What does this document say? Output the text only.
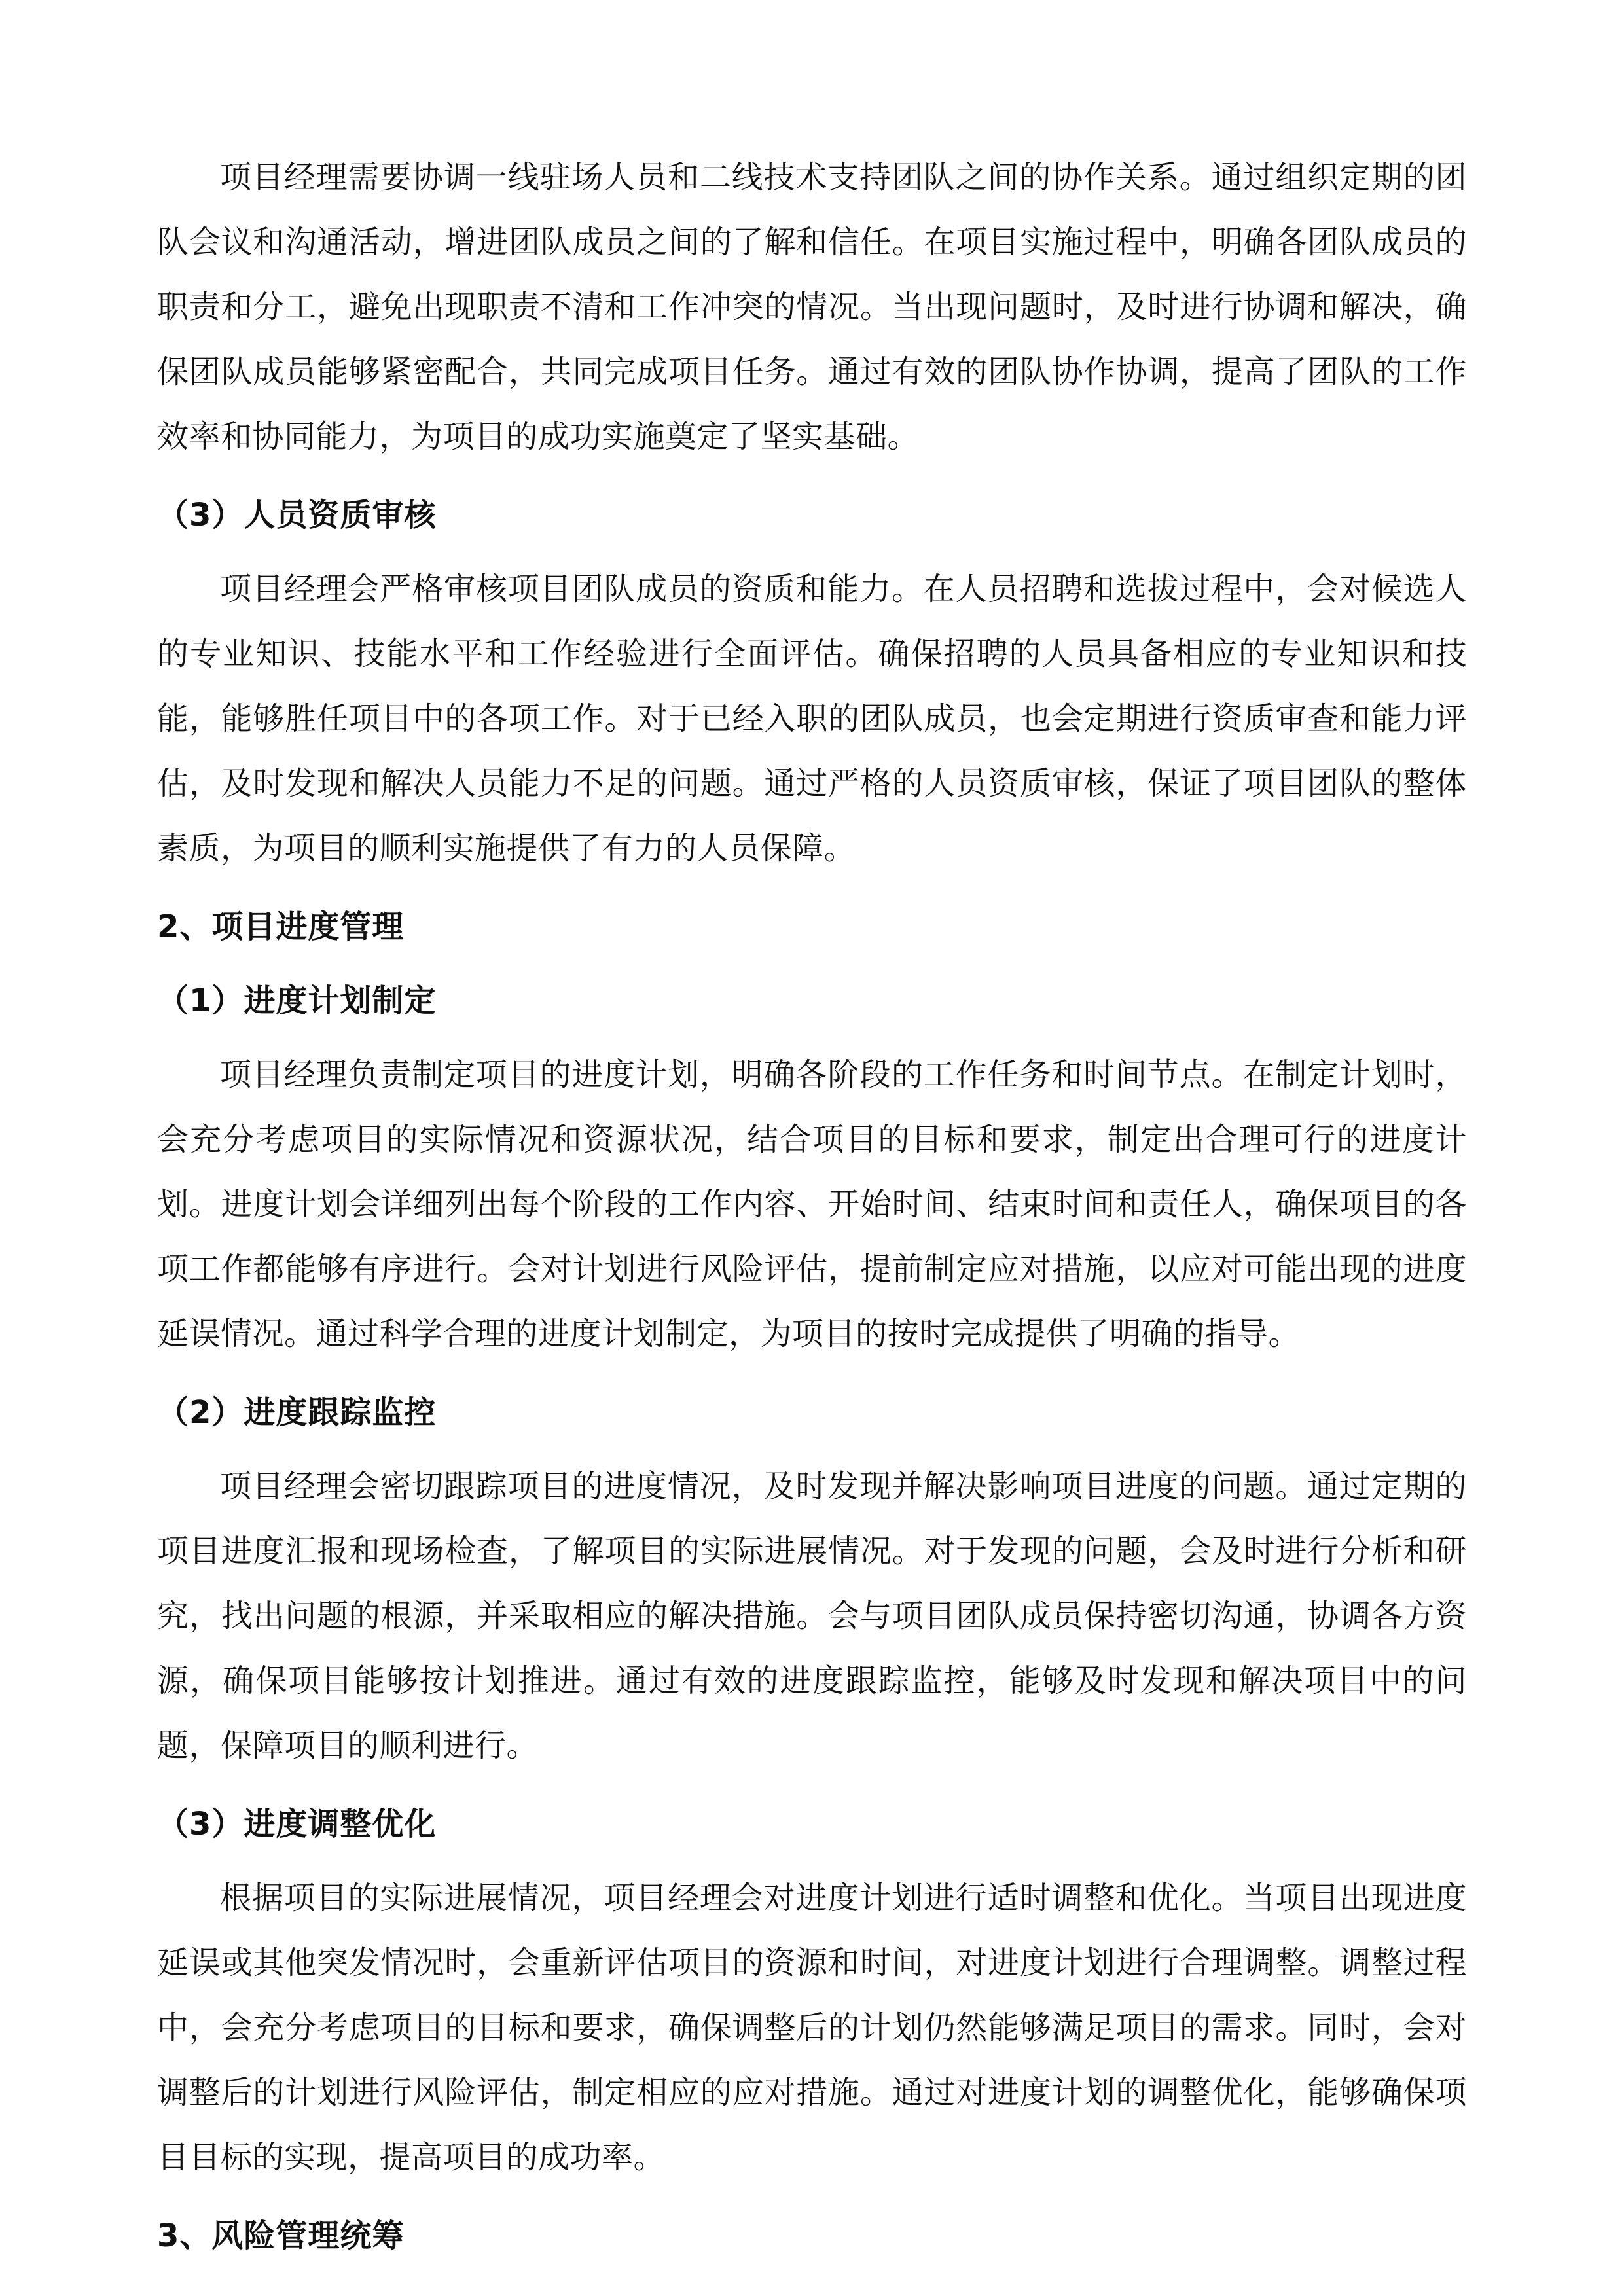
项目经理需要协调一线驻场人员和二线技术支持团队之间的协作关系。通过组织定期的团队会议和沟通活动，增进团队成员之间的了解和信任。在项目实施过程中，明确各团队成员的职责和分工，避免出现职责不清和工作冲突的情况。当出现问题时，及时进行协调和解决，确保团队成员能够紧密配合，共同完成项目任务。通过有效的团队协作协调，提高了团队的工作效率和协同能力，为项目的成功实施奠定了坚实基础。

（3）人员资质审核

项目经理会严格审核项目团队成员的资质和能力。在人员招聘和选拔过程中，会对候选人的专业知识、技能水平和工作经验进行全面评估。确保招聘的人员具备相应的专业知识和技能，能够胜任项目中的各项工作。对于已经入职的团队成员，也会定期进行资质审查和能力评估，及时发现和解决人员能力不足的问题。通过严格的人员资质审核，保证了项目团队的整体素质，为项目的顺利实施提供了有力的人员保障。

2、项目进度管理
（1）进度计划制定

项目经理负责制定项目的进度计划，明确各阶段的工作任务和时间节点。在制定计划时，会充分考虑项目的实际情况和资源状况，结合项目的目标和要求，制定出合理可行的进度计划。进度计划会详细列出每个阶段的工作内容、开始时间、结束时间和责任人，确保项目的各项工作都能够有序进行。会对计划进行风险评估，提前制定应对措施，以应对可能出现的进度延误情况。通过科学合理的进度计划制定，为项目的按时完成提供了明确的指导。

（2）进度跟踪监控

项目经理会密切跟踪项目的进度情况，及时发现并解决影响项目进度的问题。通过定期的项目进度汇报和现场检查，了解项目的实际进展情况。对于发现的问题，会及时进行分析和研究，找出问题的根源，并采取相应的解决措施。会与项目团队成员保持密切沟通，协调各方资源，确保项目能够按计划推进。通过有效的进度跟踪监控，能够及时发现和解决项目中的问题，保障项目的顺利进行。

（3）进度调整优化

根据项目的实际进展情况，项目经理会对进度计划进行适时调整和优化。当项目出现进度延误或其他突发情况时，会重新评估项目的资源和时间，对进度计划进行合理调整。调整过程中，会充分考虑项目的目标和要求，确保调整后的计划仍然能够满足项目的需求。同时，会对调整后的计划进行风险评估，制定相应的应对措施。通过对进度计划的调整优化，能够确保项目目标的实现，提高项目的成功率。

3、风险管理统筹
